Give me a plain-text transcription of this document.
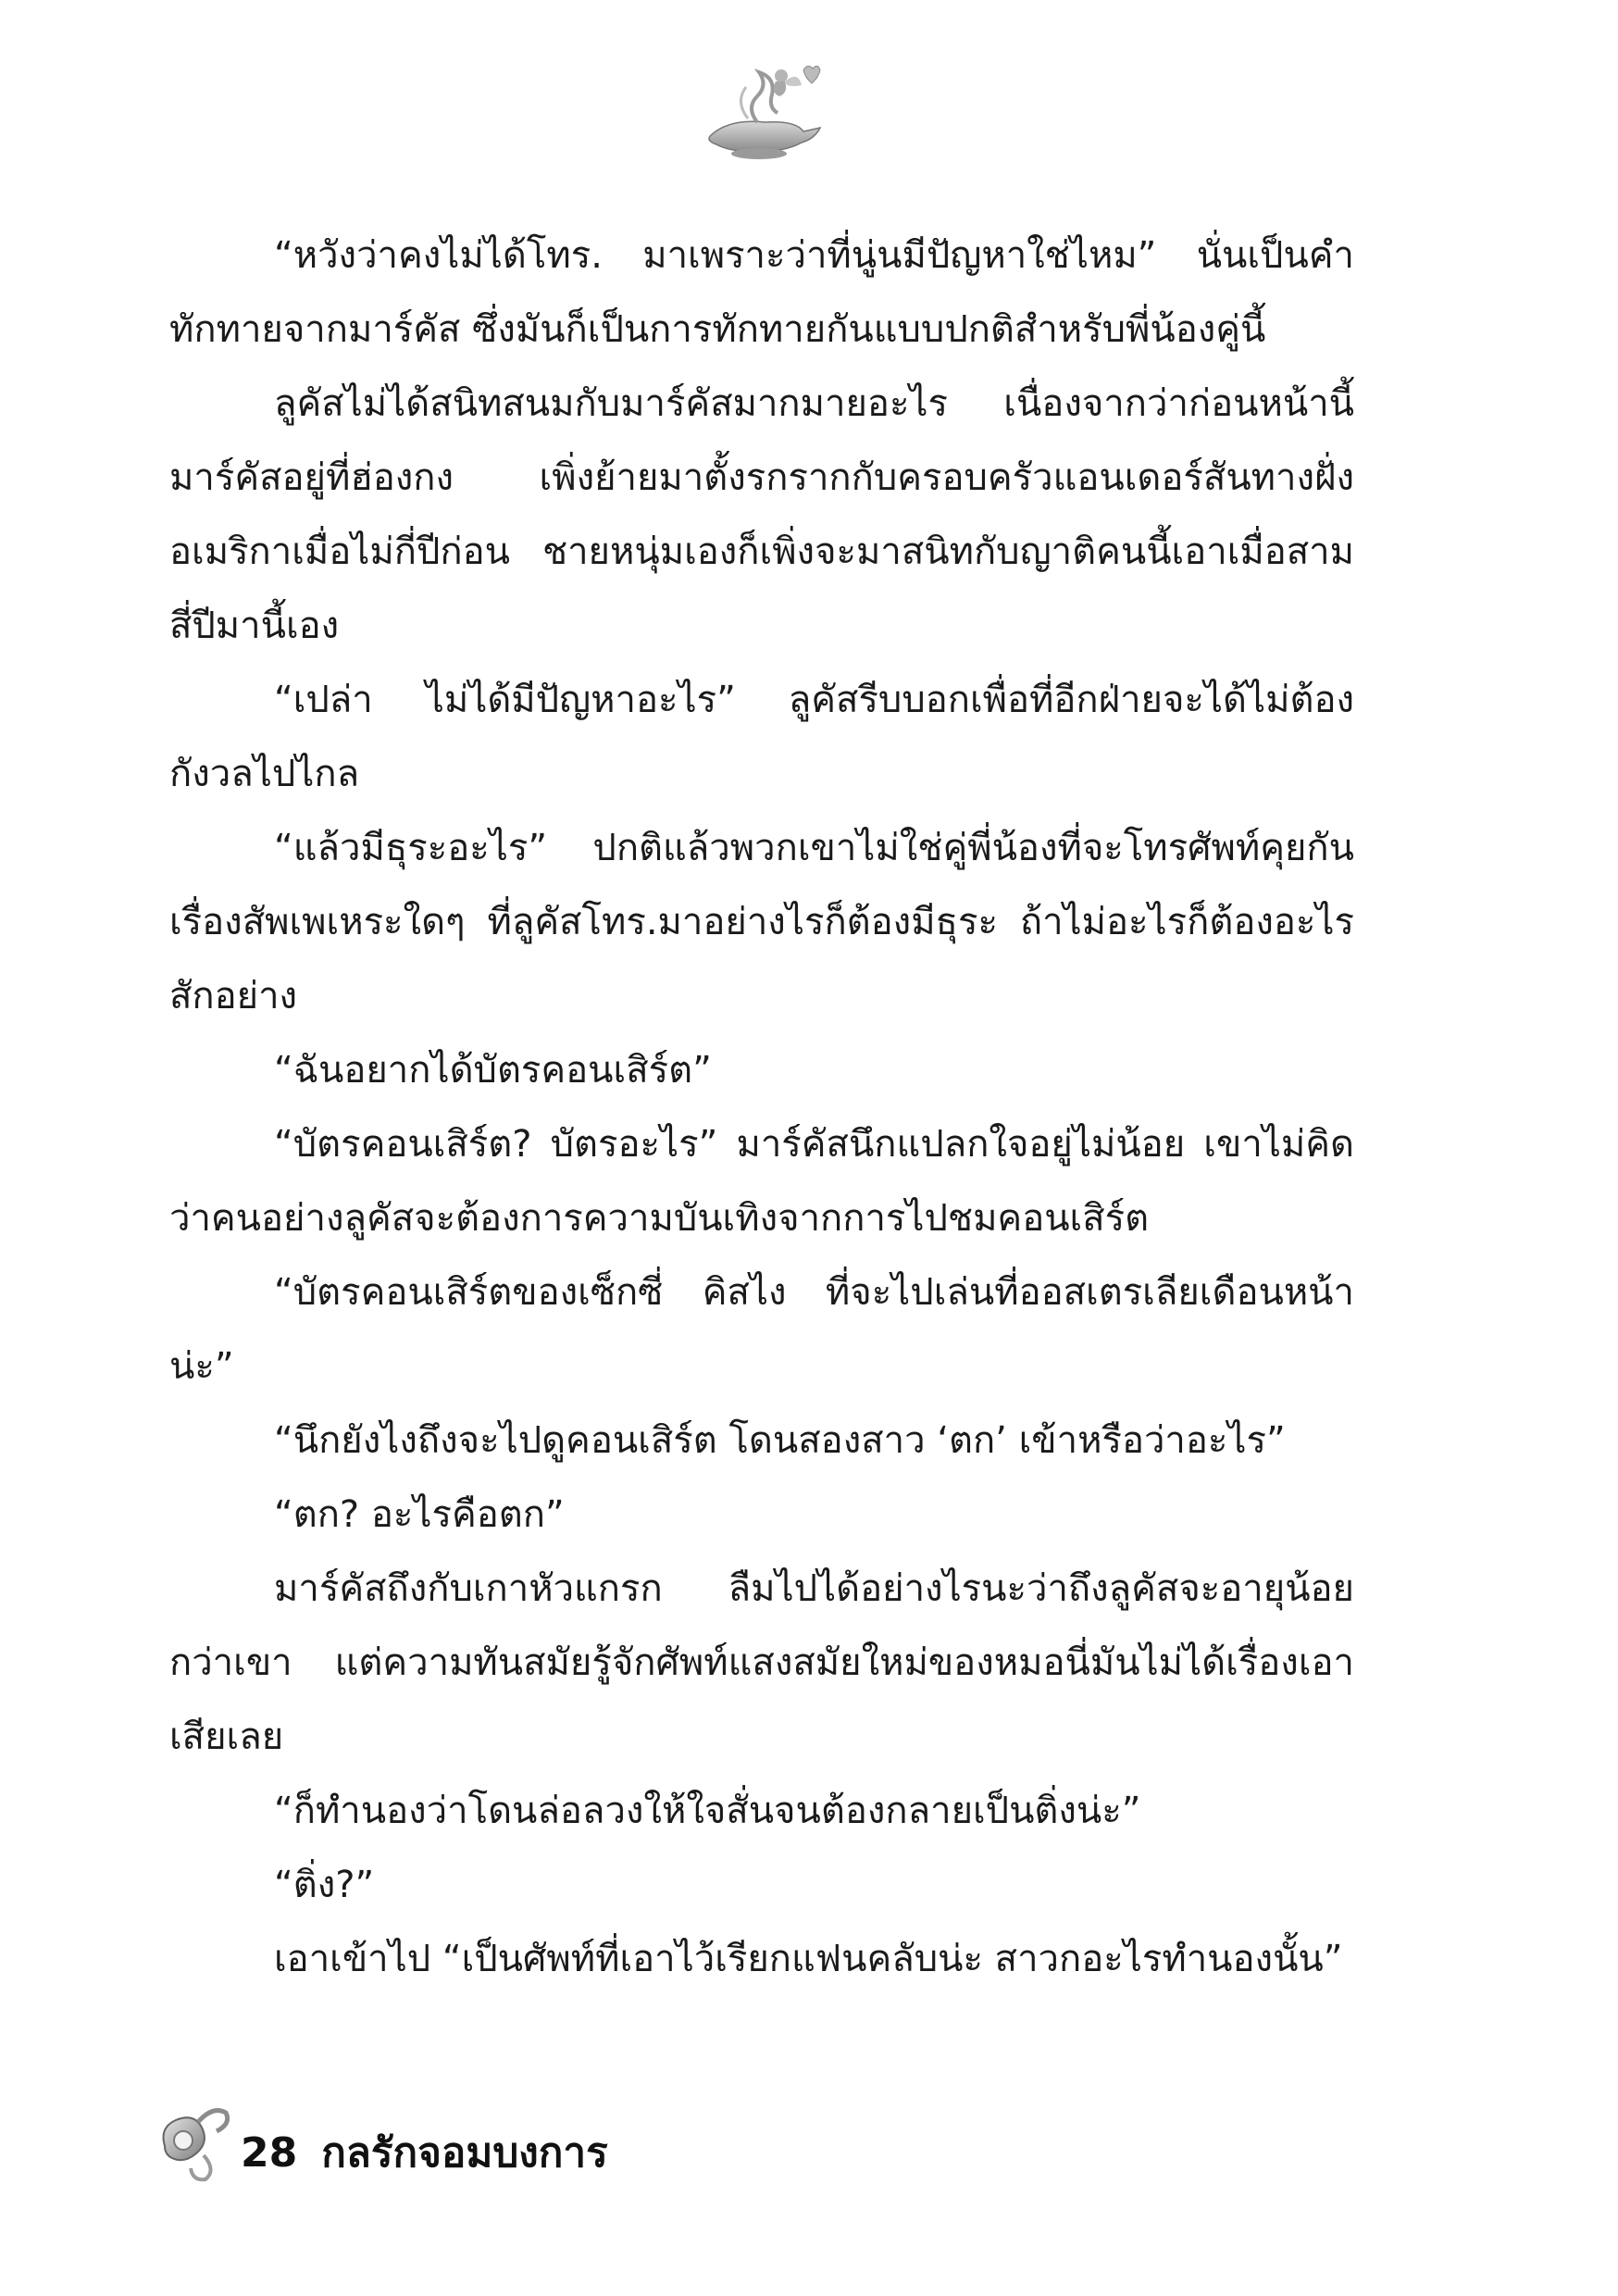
“หวังว่าคงไม่ได้โทร. มาเพราะว่าที่นู่นมีปัญหาใช่ไหม” นั่นเป็นคำทักทายจากมาร์คัส ซึ่งมันก็เป็นการทักทายกันแบบปกติสำหรับพี่น้องคู่นี้

ลูคัสไม่ได้สนิทสนมกับมาร์คัสมากมายอะไร เนื่องจากว่าก่อนหน้านี้มาร์คัสอยู่ที่ฮ่องกง เพิ่งย้ายมาตั้งรกรากกับครอบครัวแอนเดอร์สันทางฝั่งอเมริกาเมื่อไม่กี่ปีก่อน ชายหนุ่มเองก็เพิ่งจะมาสนิทกับญาติคนนี้เอาเมื่อสามสี่ปีมานี้เอง

“เปล่า ไม่ได้มีปัญหาอะไร” ลูคัสรีบบอกเพื่อที่อีกฝ่ายจะได้ไม่ต้องกังวลไปไกล

“แล้วมีธุระอะไร” ปกติแล้วพวกเขาไม่ใช่คู่พี่น้องที่จะโทรศัพท์คุยกันเรื่องสัพเพเหระใดๆ ที่ลูคัสโทร.มาอย่างไรก็ต้องมีธุระ ถ้าไม่อะไรก็ต้องอะไรสักอย่าง

“ฉันอยากได้บัตรคอนเสิร์ต”

“บัตรคอนเสิร์ต? บัตรอะไร” มาร์คัสนึกแปลกใจอยู่ไม่น้อย เขาไม่คิดว่าคนอย่างลูคัสจะต้องการความบันเทิงจากการไปชมคอนเสิร์ต

“บัตรคอนเสิร์ตของเซ็กซี่ คิสไง ที่จะไปเล่นที่ออสเตรเลียเดือนหน้าน่ะ”

“นึกยังไงถึงจะไปดูคอนเสิร์ต โดนสองสาว ‘ตก’ เข้าหรือว่าอะไร”

“ตก? อะไรคือตก”

มาร์คัสถึงกับเกาหัวแกรก ลืมไปได้อย่างไรนะว่าถึงลูคัสจะอายุน้อยกว่าเขา แต่ความทันสมัยรู้จักศัพท์แสงสมัยใหม่ของหมอนี่มันไม่ได้เรื่องเอาเสียเลย

“ก็ทำนองว่าโดนล่อลวงให้ใจสั่นจนต้องกลายเป็นติ่งน่ะ”

“ติ่ง?”

เอาเข้าไป “เป็นศัพท์ที่เอาไว้เรียกแฟนคลับน่ะ สาวกอะไรทำนองนั้น”

28 กลรักจอมบงการ
